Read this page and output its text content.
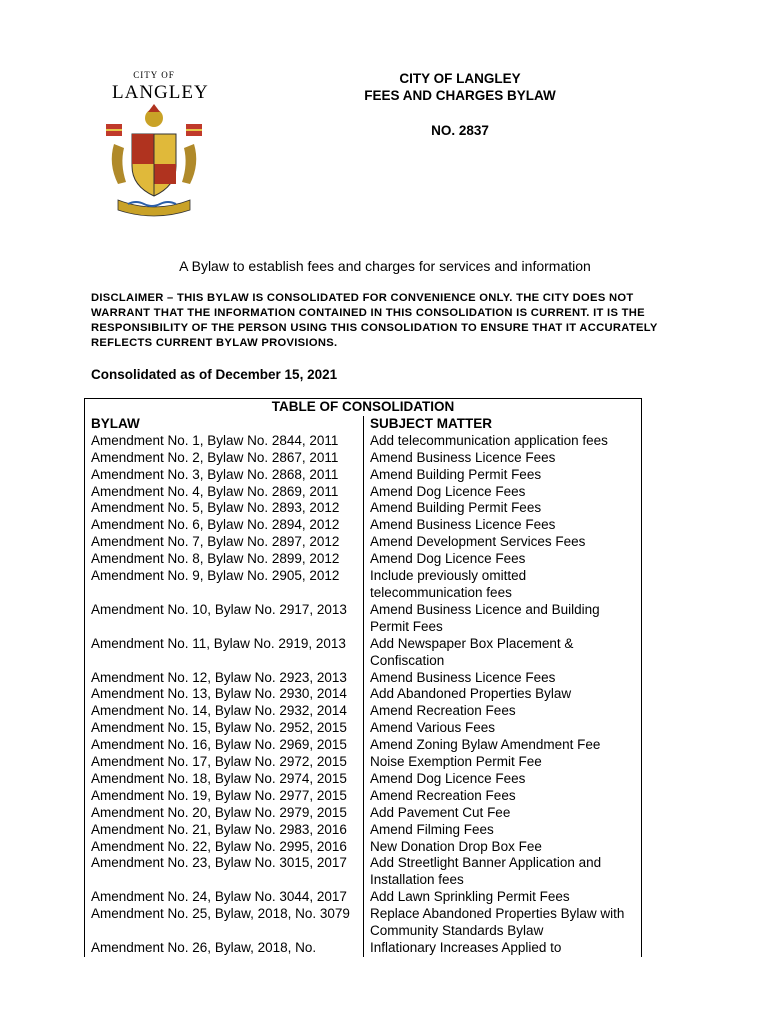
CITY OF
LANGLEY
CITY OF LANGLEY
FEES AND CHARGES BYLAW
NO. 2837
A Bylaw to establish fees and charges for services and information
DISCLAIMER – THIS BYLAW IS CONSOLIDATED FOR CONVENIENCE ONLY. THE CITY DOES NOT WARRANT THAT THE INFORMATION CONTAINED IN THIS CONSOLIDATION IS CURRENT. IT IS THE RESPONSIBILITY OF THE PERSON USING THIS CONSOLIDATION TO ENSURE THAT IT ACCURATELY REFLECTS CURRENT BYLAW PROVISIONS.
Consolidated as of December 15, 2021
TABLE OF CONSOLIDATION	
BYLAW	SUBJECT MATTER
Amendment No. 1, Bylaw No. 2844, 2011	Add telecommunication application fees
Amendment No. 2, Bylaw No. 2867, 2011	Amend Business Licence Fees
Amendment No. 3, Bylaw No. 2868, 2011	Amend Building Permit Fees
Amendment No. 4, Bylaw No. 2869, 2011	Amend Dog Licence Fees
Amendment No. 5, Bylaw No. 2893, 2012	Amend Building Permit Fees
Amendment No. 6, Bylaw No. 2894, 2012	Amend Business Licence Fees
Amendment No. 7, Bylaw No. 2897, 2012	Amend Development Services Fees
Amendment No. 8, Bylaw No. 2899, 2012	Amend Dog Licence Fees
Amendment No. 9, Bylaw No. 2905, 2012	Include previously omitted telecommunication fees
Amendment No. 10, Bylaw No. 2917, 2013	Amend Business Licence and Building Permit Fees
Amendment No. 11, Bylaw No. 2919, 2013	Add Newspaper Box Placement & Confiscation
Amendment No. 12, Bylaw No. 2923, 2013	Amend Business Licence Fees
Amendment No. 13, Bylaw No. 2930, 2014	Add Abandoned Properties Bylaw
Amendment No. 14, Bylaw No. 2932, 2014	Amend Recreation Fees
Amendment No. 15, Bylaw No. 2952, 2015	Amend Various Fees
Amendment No. 16, Bylaw No. 2969, 2015	Amend Zoning Bylaw Amendment Fee
Amendment No. 17, Bylaw No. 2972, 2015	Noise Exemption Permit Fee
Amendment No. 18, Bylaw No. 2974, 2015	Amend Dog Licence Fees
Amendment No. 19, Bylaw No. 2977, 2015	Amend Recreation Fees
Amendment No. 20, Bylaw No. 2979, 2015	Add Pavement Cut Fee
Amendment No. 21, Bylaw No. 2983, 2016	Amend Filming Fees
Amendment No. 22, Bylaw No. 2995, 2016	New Donation Drop Box Fee
Amendment No. 23, Bylaw No. 3015, 2017	Add Streetlight Banner Application and Installation fees
Amendment No. 24, Bylaw No. 3044, 2017	Add Lawn Sprinkling Permit Fees
Amendment No. 25, Bylaw, 2018, No. 3079	Replace Abandoned Properties Bylaw with Community Standards Bylaw
Amendment No. 26, Bylaw, 2018, No.	Inflationary Increases Applied to
